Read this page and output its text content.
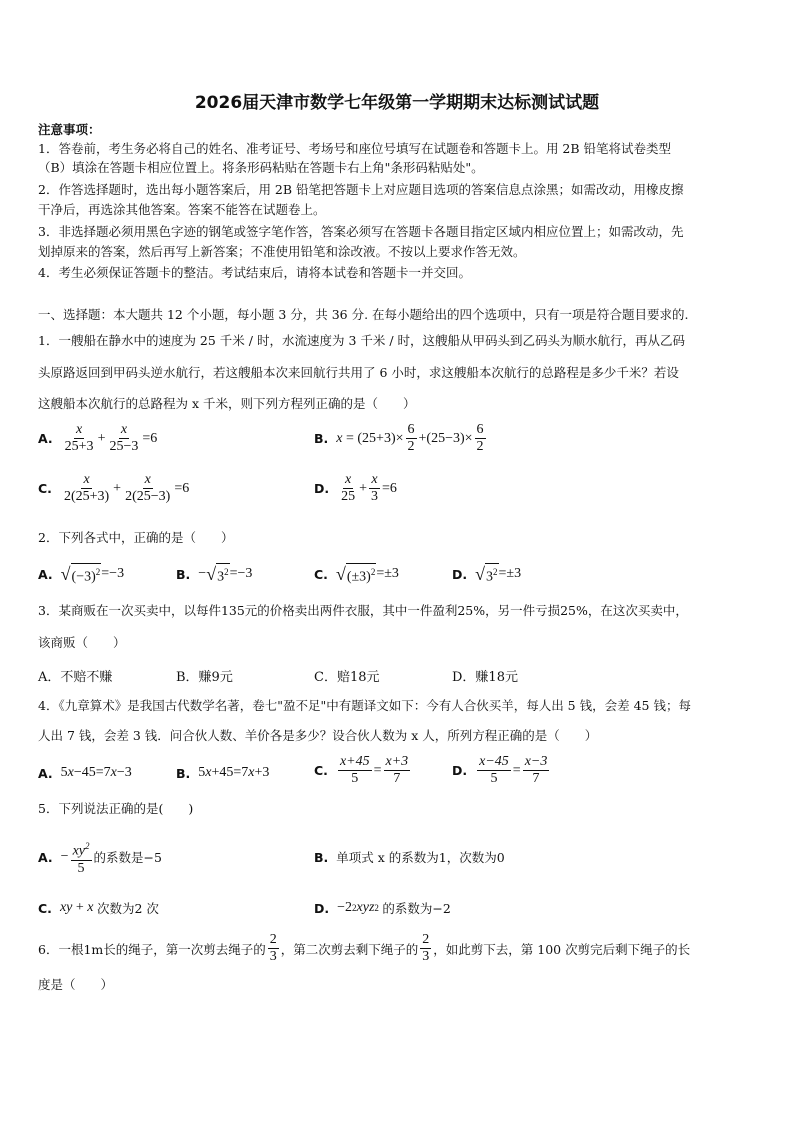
2026届天津市数学七年级第一学期期末达标测试试题
注意事项：
1．答卷前，考生务必将自己的姓名、准考证号、考场号和座位号填写在试题卷和答题卡上。用 2B 铅笔将试卷类型
（B）填涂在答题卡相应位置上。将条形码粘贴在答题卡右上角"条形码粘贴处"。
2．作答选择题时，选出每小题答案后，用 2B 铅笔把答题卡上对应题目选项的答案信息点涂黑；如需改动，用橡皮擦
干净后，再选涂其他答案。答案不能答在试题卷上。
3．非选择题必须用黑色字迹的钢笔或签字笔作答，答案必须写在答题卡各题目指定区域内相应位置上；如需改动，先
划掉原来的答案，然后再写上新答案；不准使用铅笔和涂改液。不按以上要求作答无效。
4．考生必须保证答题卡的整洁。考试结束后，请将本试卷和答题卡一并交回。
一、选择题：本大题共 12 个小题，每小题 3 分，共 36 分. 在每小题给出的四个选项中，只有一项是符合题目要求的.
1．一艘船在静水中的速度为 25 千米 / 时，水流速度为 3 千米 / 时，这艘船从甲码头到乙码头为顺水航行，再从乙码
头原路返回到甲码头逆水航行，若这艘船本次来回航行共用了 6 小时，求这艘船本次航行的总路程是多少千米？若设
这艘船本次航行的总路程为 x 千米，则下列方程列正确的是（　　）
A. $\frac{x}{25+3} + \frac{x}{25-3} =6$	B. $x = (25+3)\times \frac{6}{2} +(25-3)\times \frac{6}{2}$
C. $\frac{x}{2(25+3)} + \frac{x}{2(25-3)} =6$	D. $\frac{x}{25} + \frac{x}{3} =6$
2．下列各式中，正确的是（　　）
A. √ $(-3)^2 =-3$	B. − √ $3^2 =-3$	C. √ $(\pm 3)^2 =\pm 3$	D. √ $3^2 =\pm 3$
3．某商贩在一次买卖中，以每件135元的价格卖出两件衣服，其中一件盈利25%，另一件亏损25%，在这次买卖中，
该商贩（　　）
A．不赔不赚	B．赚9元	C．赔18元	D．赚18元
4．《九章算术》是我国古代数学名著，卷七"盈不足"中有题译文如下：今有人合伙买羊，每人出 5 钱，会差 45 钱；每
人出 7 钱，会差 3 钱．问合伙人数、羊价各是多少？设合伙人数为 x 人，所列方程正确的是（　　）
A. 5 x −45=7 x −3	B. 5 x +45=7 x +3	C. $\frac{x+45}{5} = \frac{x+3}{7}$	D. $\frac{x-45}{5} = \frac{x-3}{7}$
5．下列说法正确的是(　　)
A. − $\frac{xy^2}{5}$ 的系数是−5	B. 单项式 x 的系数为1，次数为0
C. xy + x
次数为2 次	D. −2 2 xyz 2
的系数为−2
6．一根1m长的绳子，第一次剪去绳子的 $\frac{2}{3}$ ，第二次剪去剩下绳子的 $\frac{2}{3}$ ，如此剪下去，第 100 次剪完后剩下绳子的长
度是（　　）
